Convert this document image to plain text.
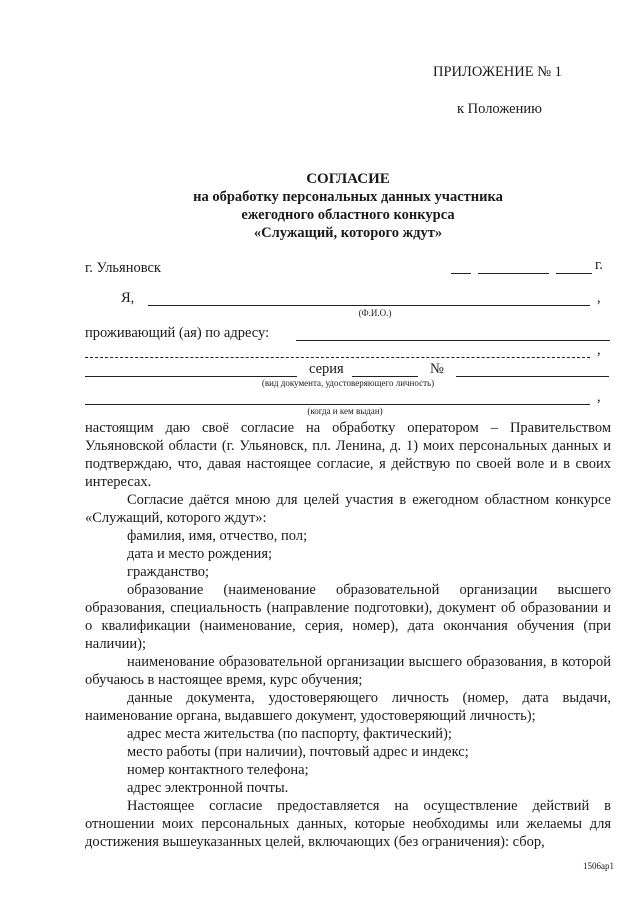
ПРИЛОЖЕНИЕ № 1
к Положению
СОГЛАСИЕ
на обработку персональных данных участника
ежегодного областного конкурса
«Служащий, которого ждут»
г. Ульяновск	г.
Я,	,
(Ф.И.О.)
проживающий (ая) по адресу:
,
серия	№
(вид документа, удостоверяющего личность)
,
(когда и кем выдан)
настоящим даю своё согласие на обработку оператором – Правительством Ульяновской области (г. Ульяновск, пл. Ленина, д. 1) моих персональных данных и подтверждаю, что, давая настоящее согласие, я действую по своей воле и в своих интересах.
Согласие даётся мною для целей участия в ежегодном областном конкурсе «Служащий, которого ждут»:
фамилия, имя, отчество, пол;
дата и место рождения;
гражданство;
образование (наименование образовательной организации высшего образования, специальность (направление подготовки), документ об образовании и о квалификации (наименование, серия, номер), дата окончания обучения (при наличии);
наименование образовательной организации высшего образования, в которой обучаюсь в настоящее время, курс обучения;
данные документа, удостоверяющего личность (номер, дата выдачи, наименование органа, выдавшего документ, удостоверяющий личность);
адрес места жительства (по паспорту, фактический);
место работы (при наличии), почтовый адрес и индекс;
номер контактного телефона;
адрес электронной почты.
Настоящее согласие предоставляется на осуществление действий в отношении моих персональных данных, которые необходимы или желаемы для достижения вышеуказанных целей, включающих (без ограничения): сбор,
1506ap1
